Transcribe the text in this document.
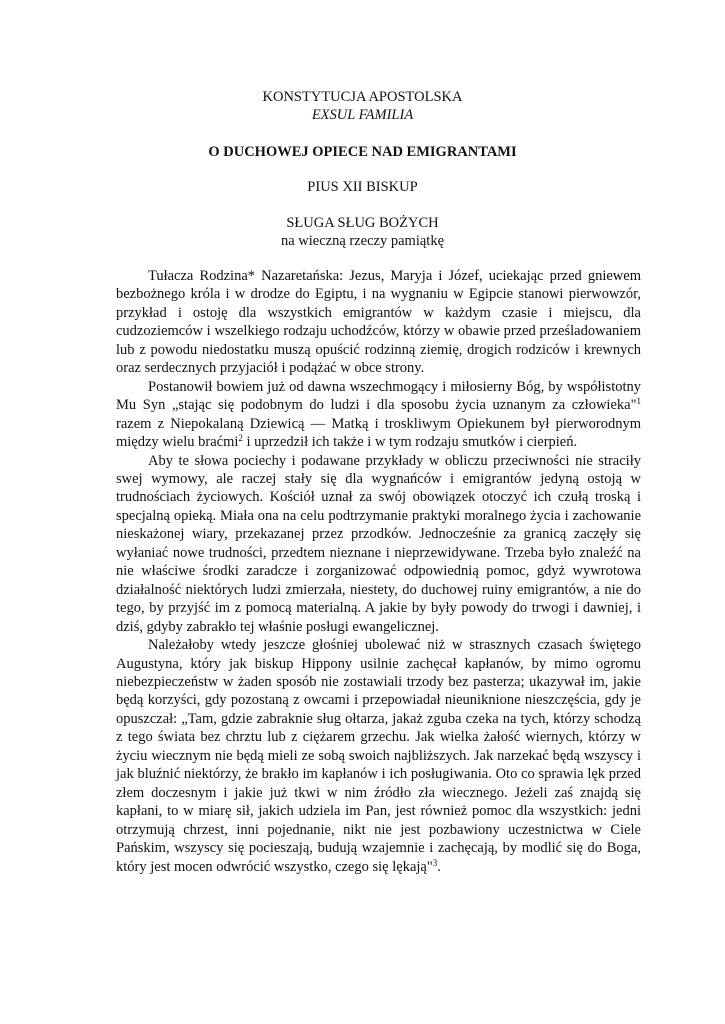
KONSTYTUCJA APOSTOLSKA

EXSUL FAMILIA

O DUCHOWEJ OPIECE NAD EMIGRANTAMI

PIUS XII BISKUP

SŁUGA SŁUG BOŻYCH

na wieczną rzeczy pamiątkę

Tułacza Rodzina* Nazaretańska: Jezus, Maryja i Józef, uciekając przed gniewem bezbożnego króla i w drodze do Egiptu, i na wygnaniu w Egipcie stanowi pierwowzór, przykład i ostoję dla wszystkich emigrantów w każdym czasie i miejscu, dla cudzoziemców i wszelkiego rodzaju uchodźców, którzy w obawie przed prześladowaniem lub z powodu niedostatku muszą opuścić rodzinną ziemię, drogich rodziców i krewnych oraz serdecznych przyjaciół i podążać w obce strony.

Postanowił bowiem już od dawna wszechmogący i miłosierny Bóg, by współistotny Mu Syn „stając się podobnym do ludzi i dla sposobu życia uznanym za człowieka"$^1$ razem z Niepokalaną Dziewicą — Matką i troskliwym Opiekunem był pierworodnym między wielu braćmi$^2$ i uprzedził ich także i w tym rodzaju smutków i cierpień.

Aby te słowa pociechy i podawane przykłady w obliczu przeciwności nie straciły swej wymowy, ale raczej stały się dla wygnańców i emigrantów jedyną ostoją w trudnościach życiowych. Kościół uznał za swój obowiązek otoczyć ich czułą troską i specjalną opieką. Miała ona na celu podtrzymanie praktyki moralnego życia i zachowanie nieskażonej wiary, przekazanej przez przodków. Jednocześnie za granicą zaczęły się wyłaniać nowe trudności, przedtem nieznane i nieprzewidywane. Trzeba było znaleźć na nie właściwe środki zaradcze i zorganizować odpowiednią pomoc, gdyż wywrotowa działalność niektórych ludzi zmierzała, niestety, do duchowej ruiny emigrantów, a nie do tego, by przyjść im z pomocą materialną. A jakie by były powody do trwogi i dawniej, i dziś, gdyby zabrakło tej właśnie posługi ewangelicznej.

Należałoby wtedy jeszcze głośniej ubolewać niż w strasznych czasach świętego Augustyna, który jak biskup Hippony usilnie zachęcał kapłanów, by mimo ogromu niebezpieczeństw w żaden sposób nie zostawiali trzody bez pasterza; ukazywał im, jakie będą korzyści, gdy pozostaną z owcami i przepowiadał nieuniknione nieszczęścia, gdy je opuszczał: „Tam, gdzie zabraknie sług ołtarza, jakaż zguba czeka na tych, którzy schodzą z tego świata bez chrztu lub z ciężarem grzechu. Jak wielka żałość wiernych, którzy w życiu wiecznym nie będą mieli ze sobą swoich najbliższych. Jak narzekać będą wszyscy i jak bluźnić niektórzy, że brakło im kapłanów i ich posługiwania. Oto co sprawia lęk przed złem doczesnym i jakie już tkwi w nim źródło zła wiecznego. Jeżeli zaś znajdą się kapłani, to w miarę sił, jakich udziela im Pan, jest również pomoc dla wszystkich: jedni otrzymują chrzest, inni pojednanie, nikt nie jest pozbawiony uczestnictwa w Ciele Pańskim, wszyscy się pocieszają, budują wzajemnie i zachęcają, by modlić się do Boga, który jest mocen odwrócić wszystko, czego się lękają"$^3$.
